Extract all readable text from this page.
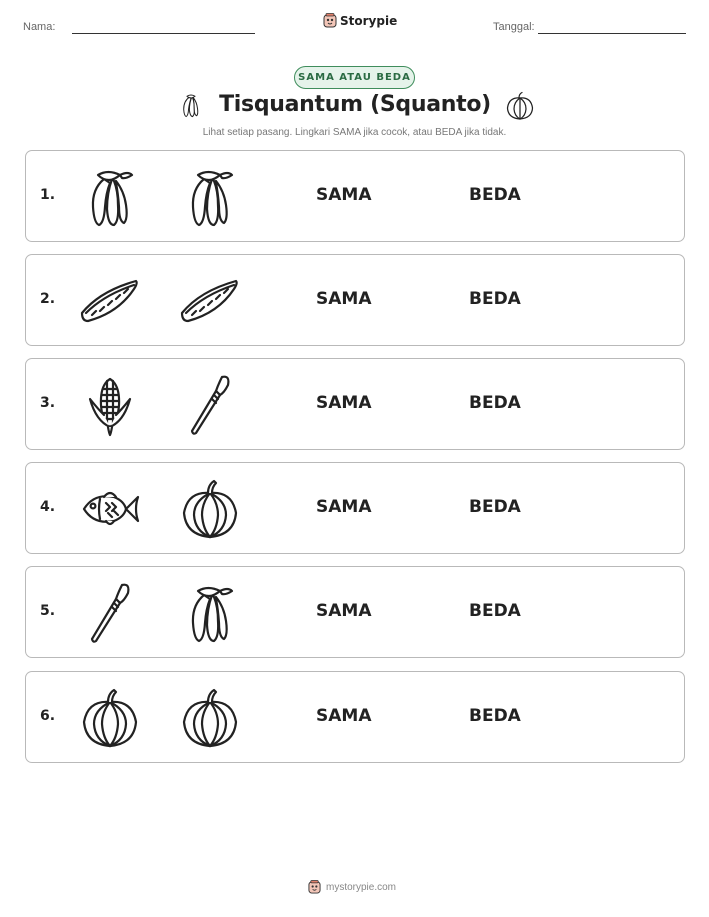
Nama:	Storypie	Tanggal:
SAMA ATAU BEDA
Tisquantum (Squanto)
Lihat setiap pasang. Lingkari SAMA jika cocok, atau BEDA jika tidak.
1.	SAMA	BEDA
2.	SAMA	BEDA
3.	SAMA	BEDA
4.	SAMA	BEDA
5.	SAMA	BEDA
6.	SAMA	BEDA
mystorypie.com
